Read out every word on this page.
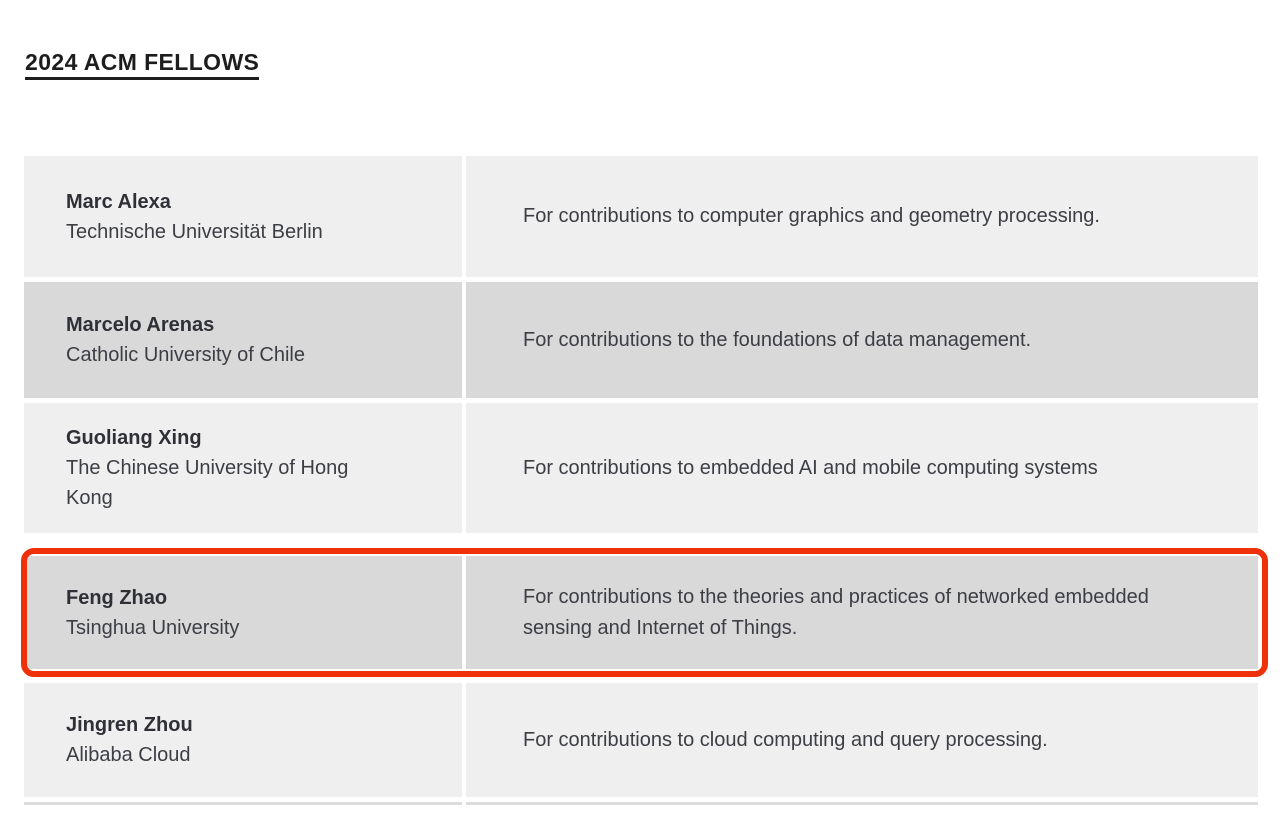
2024 ACM FELLOWS
Marc Alexa
Technische Universität Berlin
For contributions to computer graphics and geometry processing.
Marcelo Arenas
Catholic University of Chile
For contributions to the foundations of data management.
Guoliang Xing
The Chinese University of Hong Kong
For contributions to embedded AI and mobile computing systems
Feng Zhao
Tsinghua University
For contributions to the theories and practices of networked embedded sensing and Internet of Things.
Jingren Zhou
Alibaba Cloud
For contributions to cloud computing and query processing.
